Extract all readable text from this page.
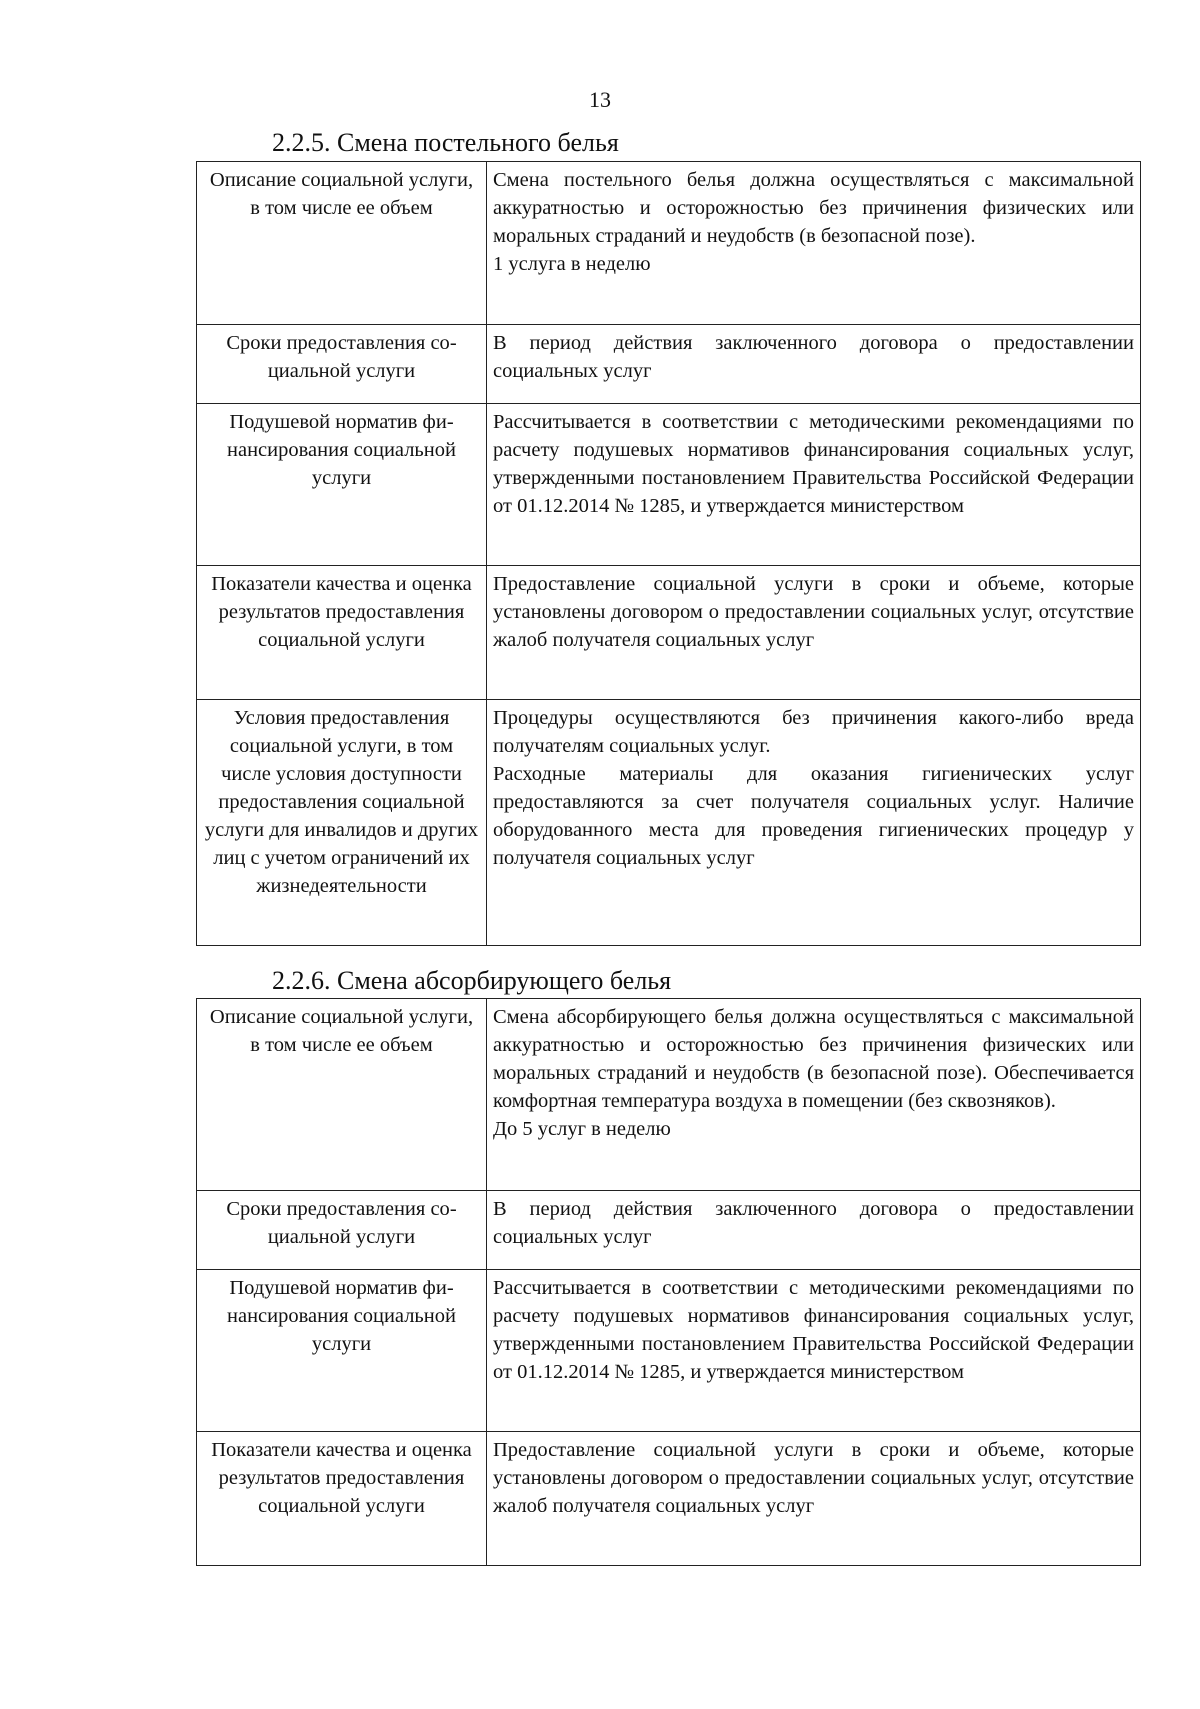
13
2.2.5. Смена постельного белья
Описание социальной услуги, в том числе ее объем	Смена постельного белья должна осуществляться с максимальной аккуратностью и осторожностью без причинения физических или моральных страданий и неудобств (в безопасной позе).
1 услуга в неделю

Сроки предоставления социальной услуги	В период действия заключенного договора о предоставлении социальных услуг

Подушевой норматив финансирования социальной услуги	Рассчитывается в соответствии с методическими рекомендациями по расчету подушевых нормативов финансирования социальных услуг, утвержденными постановлением Правительства Российской Федерации от 01.12.2014 № 1285, и утверждается министерством

Показатели качества и оценка результатов предоставления социальной услуги	Предоставление социальной услуги в сроки и объеме, которые установлены договором о предоставлении социальных услуг, отсутствие жалоб получателя социальных услуг

Условия предоставления социальной услуги, в том числе условия доступности предоставления социальной услуги для инвалидов и других лиц с учетом ограничений их жизнедеятельности	Процедуры осуществляются без причинения какого-либо вреда получателям социальных услуг.
Расходные материалы для оказания гигиенических услуг предоставляются за счет получателя социальных услуг. Наличие оборудованного места для проведения гигиенических процедур у получателя социальных услуг
2.2.6. Смена абсорбирующего белья
Описание социальной услуги, в том числе ее объем	Смена абсорбирующего белья должна осуществляться с максимальной аккуратностью и осторожностью без причинения физических или моральных страданий и неудобств (в безопасной позе). Обеспечивается комфортная температура воздуха в помещении (без сквозняков).
До 5 услуг в неделю

Сроки предоставления социальной услуги	В период действия заключенного договора о предоставлении социальных услуг

Подушевой норматив финансирования социальной услуги	Рассчитывается в соответствии с методическими рекомендациями по расчету подушевых нормативов финансирования социальных услуг, утвержденными постановлением Правительства Российской Федерации от 01.12.2014 № 1285, и утверждается министерством

Показатели качества и оценка результатов предоставления социальной услуги	Предоставление социальной услуги в сроки и объеме, которые установлены договором о предоставлении социальных услуг, отсутствие жалоб получателя социальных услуг
